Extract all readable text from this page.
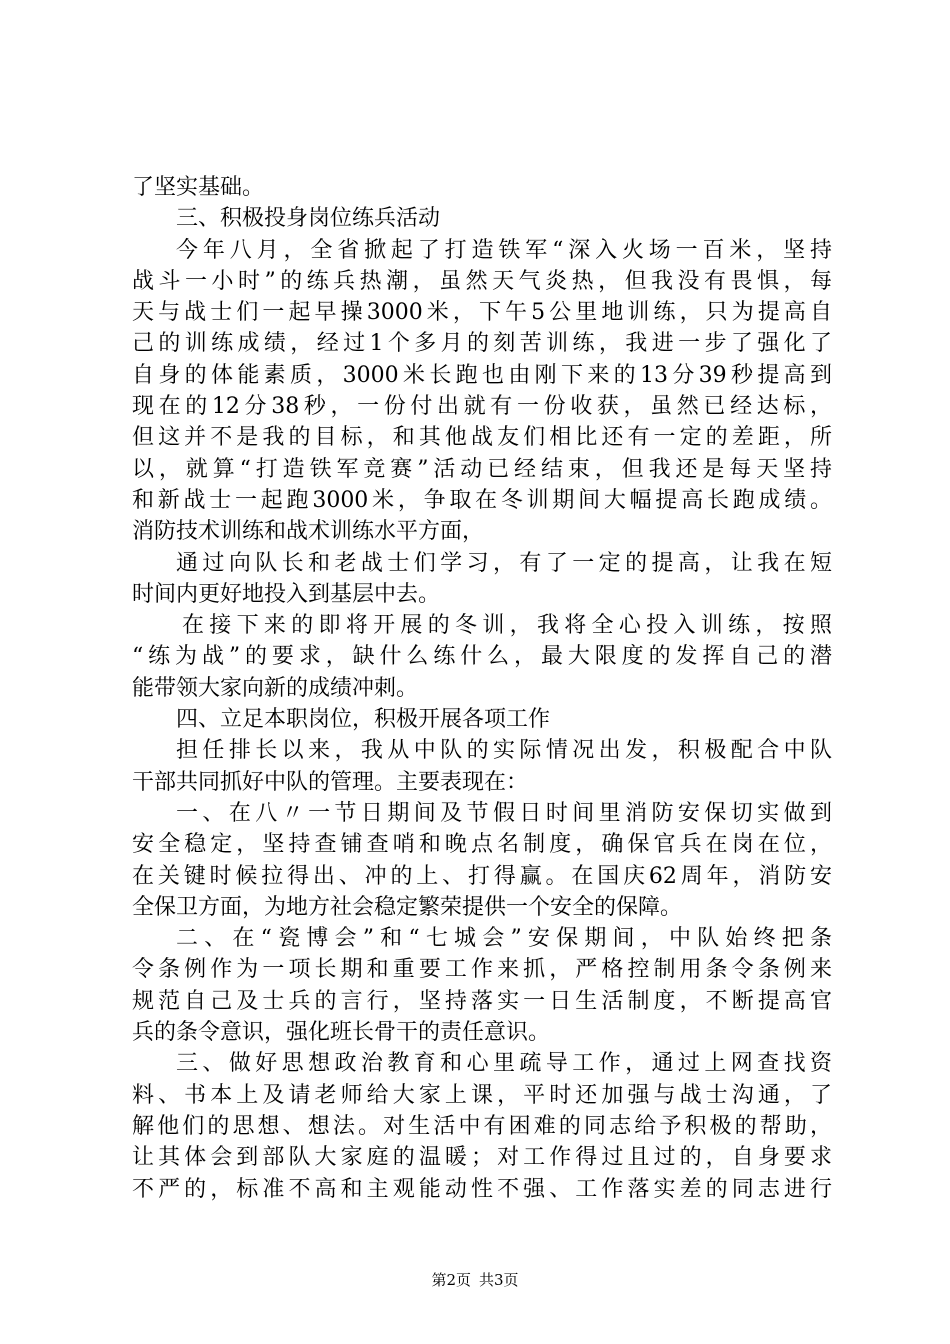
了坚实基础。
三、积极投身岗位练兵活动
今年八月，全省掀起了打造铁军“深入火场一百米，坚持
战斗一小时”的练兵热潮，虽然天气炎热，但我没有畏惧，每
天与战士们一起早操3000米，下午5公里地训练，只为提高自
己的训练成绩，经过1个多月的刻苦训练，我进一步了强化了
自身的体能素质，3000米长跑也由刚下来的13分39秒提高到
现在的12分38秒，一份付出就有一份收获，虽然已经达标，
但这并不是我的目标，和其他战友们相比还有一定的差距，所
以，就算“打造铁军竞赛”活动已经结束，但我还是每天坚持
和新战士一起跑3000米，争取在冬训期间大幅提高长跑成绩。
消防技术训练和战术训练水平方面，
通过向队长和老战士们学习，有了一定的提高，让我在短
时间内更好地投入到基层中去。
在接下来的即将开展的冬训，我将全心投入训练，按照
“练为战”的要求，缺什么练什么，最大限度的发挥自己的潜
能带领大家向新的成绩冲刺。
四、立足本职岗位，积极开展各项工作
担任排长以来，我从中队的实际情况出发，积极配合中队
干部共同抓好中队的管理。主要表现在：
一、在八〃一节日期间及节假日时间里消防安保切实做到
安全稳定，坚持查铺查哨和晚点名制度，确保官兵在岗在位，
在关键时候拉得出、冲的上、打得赢。在国庆62周年，消防安
全保卫方面，为地方社会稳定繁荣提供一个安全的保障。
二、在“瓷博会”和“七城会”安保期间，中队始终把条
令条例作为一项长期和重要工作来抓，严格控制用条令条例来
规范自己及士兵的言行，坚持落实一日生活制度，不断提高官
兵的条令意识，强化班长骨干的责任意识。
三、做好思想政治教育和心里疏导工作，通过上网查找资
料、书本上及请老师给大家上课，平时还加强与战士沟通，了
解他们的思想、想法。对生活中有困难的同志给予积极的帮助，
让其体会到部队大家庭的温暖；对工作得过且过的，自身要求
不严的，标准不高和主观能动性不强、工作落实差的同志进行
第2页 共3页
